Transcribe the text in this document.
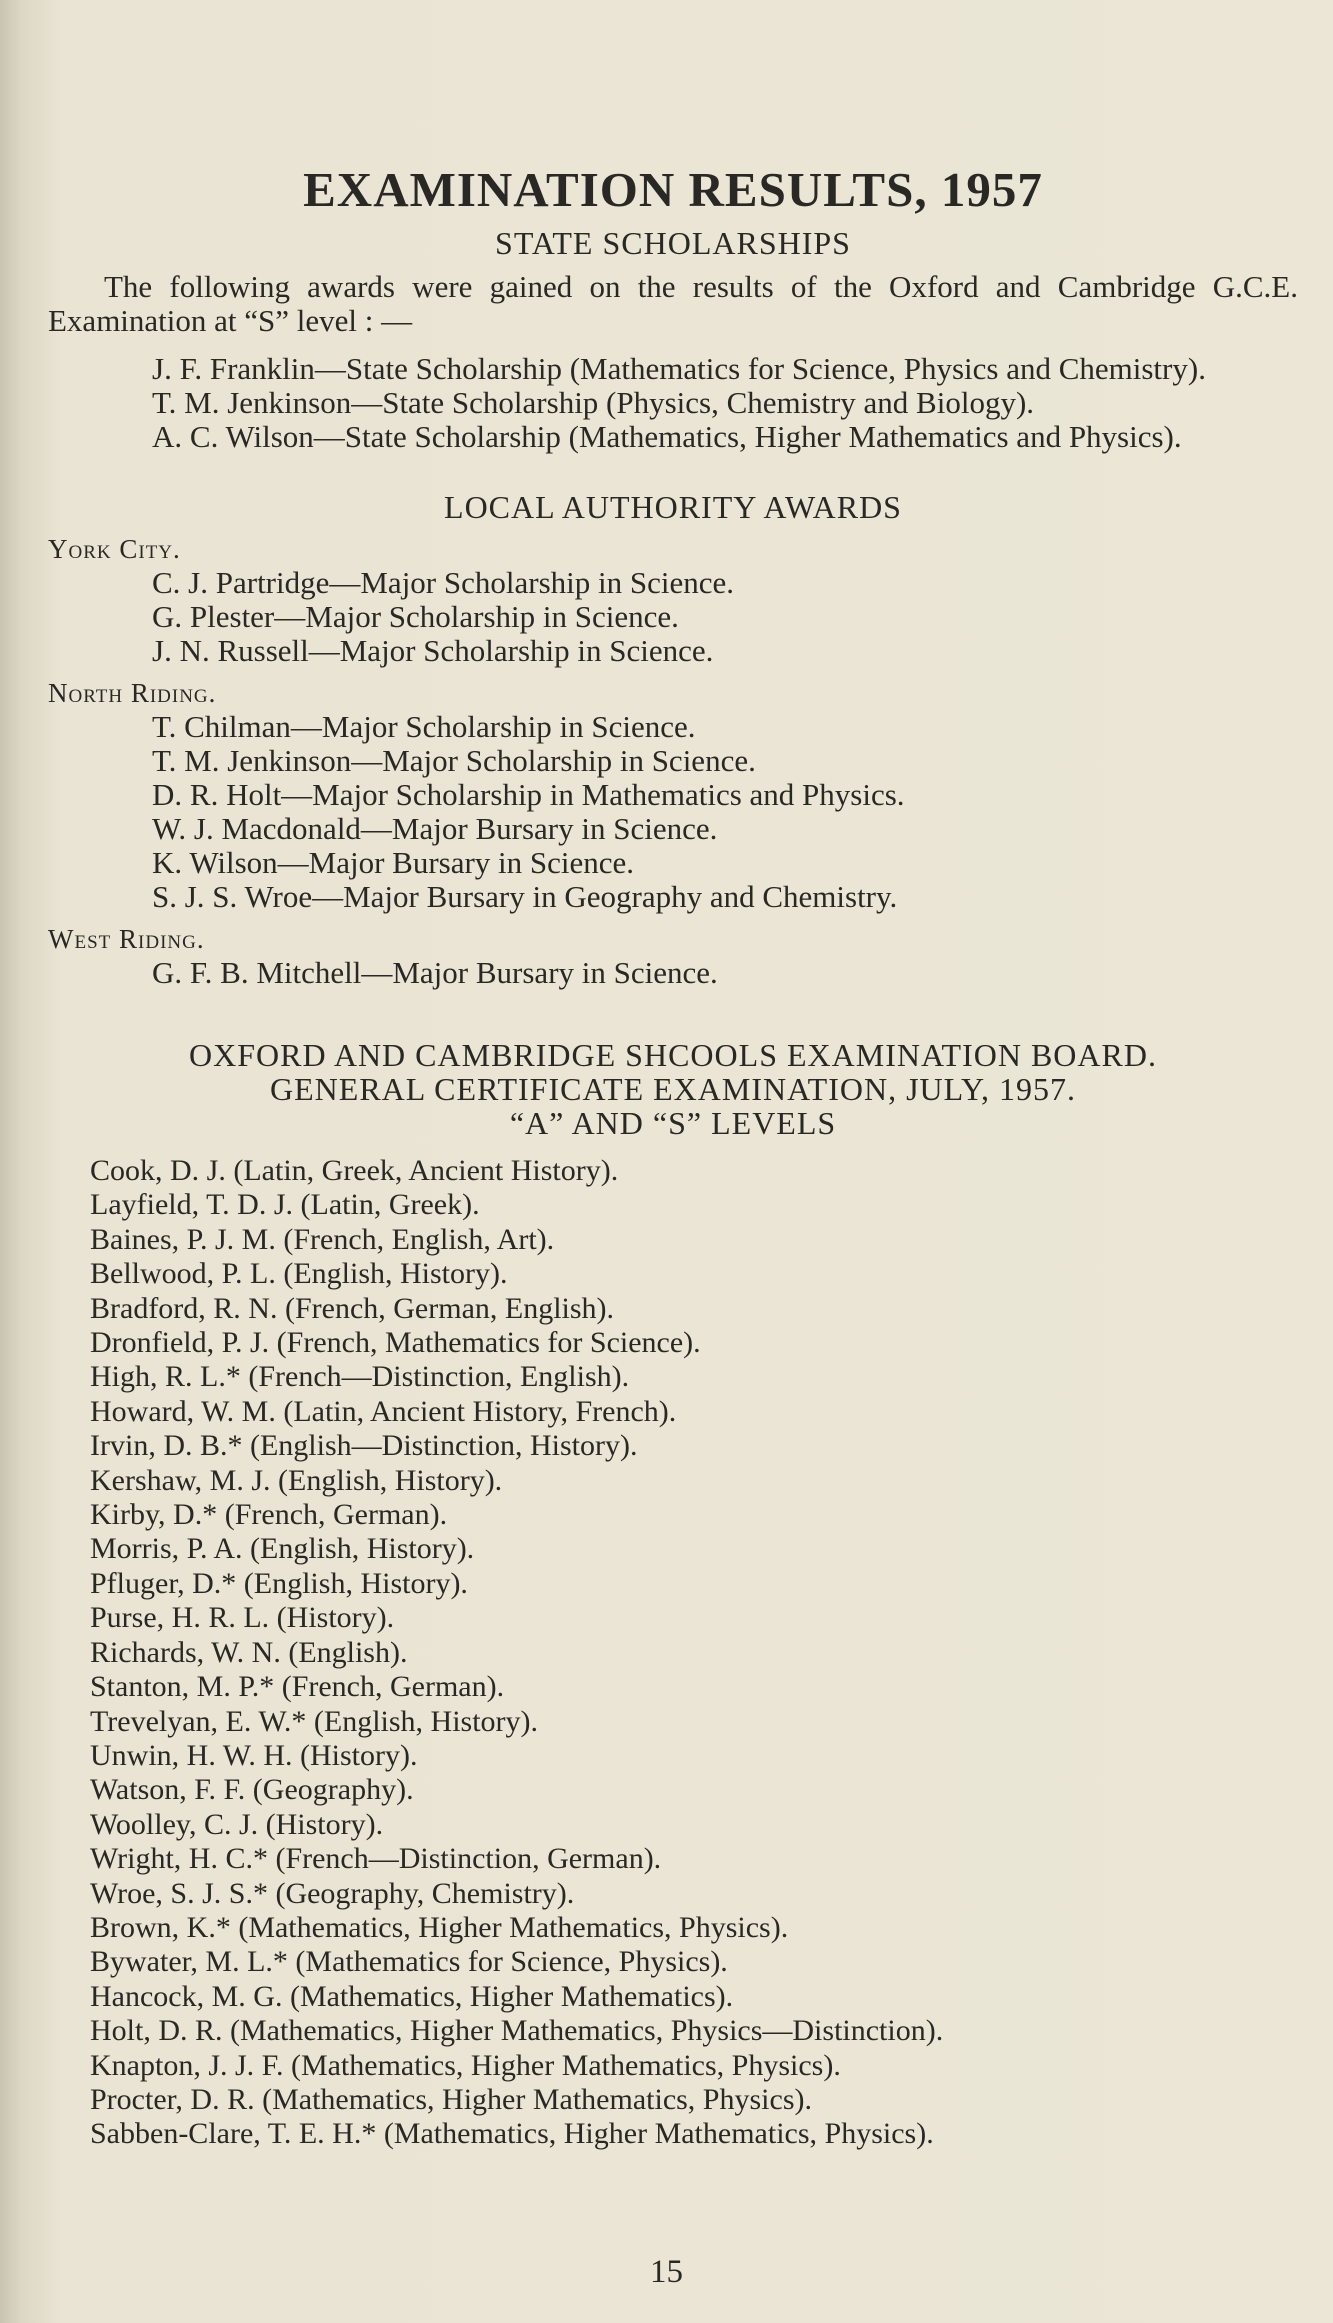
EXAMINATION RESULTS, 1957
STATE SCHOLARSHIPS
The following awards were gained on the results of the Oxford and Cambridge G.C.E. Examination at “S” level : —
J. F. Franklin—State Scholarship (Mathematics for Science, Physics and Chemistry).
T. M. Jenkinson—State Scholarship (Physics, Chemistry and Biology).
A. C. Wilson—State Scholarship (Mathematics, Higher Mathematics and Physics).
LOCAL AUTHORITY AWARDS
York City.
C. J. Partridge—Major Scholarship in Science.
G. Plester—Major Scholarship in Science.
J. N. Russell—Major Scholarship in Science.
North Riding.
T. Chilman—Major Scholarship in Science.
T. M. Jenkinson—Major Scholarship in Science.
D. R. Holt—Major Scholarship in Mathematics and Physics.
W. J. Macdonald—Major Bursary in Science.
K. Wilson—Major Bursary in Science.
S. J. S. Wroe—Major Bursary in Geography and Chemistry.
West Riding.
G. F. B. Mitchell—Major Bursary in Science.
OXFORD AND CAMBRIDGE SHCOOLS EXAMINATION BOARD.
GENERAL CERTIFICATE EXAMINATION, JULY, 1957.
“A” AND “S” LEVELS
Cook, D. J. (Latin, Greek, Ancient History).
Layfield, T. D. J. (Latin, Greek).
Baines, P. J. M. (French, English, Art).
Bellwood, P. L. (English, History).
Bradford, R. N. (French, German, English).
Dronfield, P. J. (French, Mathematics for Science).
High, R. L.* (French—Distinction, English).
Howard, W. M. (Latin, Ancient History, French).
Irvin, D. B.* (English—Distinction, History).
Kershaw, M. J. (English, History).
Kirby, D.* (French, German).
Morris, P. A. (English, History).
Pfluger, D.* (English, History).
Purse, H. R. L. (History).
Richards, W. N. (English).
Stanton, M. P.* (French, German).
Trevelyan, E. W.* (English, History).
Unwin, H. W. H. (History).
Watson, F. F. (Geography).
Woolley, C. J. (History).
Wright, H. C.* (French—Distinction, German).
Wroe, S. J. S.* (Geography, Chemistry).
Brown, K.* (Mathematics, Higher Mathematics, Physics).
Bywater, M. L.* (Mathematics for Science, Physics).
Hancock, M. G. (Mathematics, Higher Mathematics).
Holt, D. R. (Mathematics, Higher Mathematics, Physics—Distinction).
Knapton, J. J. F. (Mathematics, Higher Mathematics, Physics).
Procter, D. R. (Mathematics, Higher Mathematics, Physics).
Sabben-Clare, T. E. H.* (Mathematics, Higher Mathematics, Physics).
15
